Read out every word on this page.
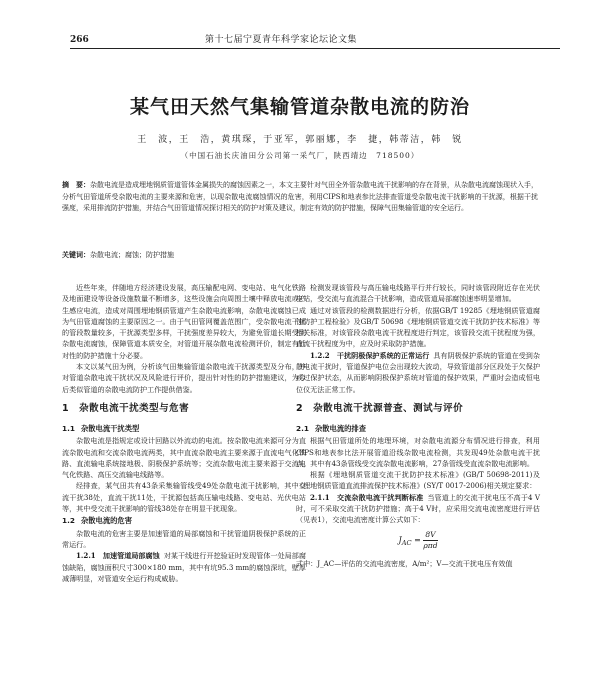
266	第十七届宁夏青年科学家论坛论文集
某气田天然气集输管道杂散电流的防治
王　波，王　浩，黄琪琛，于亚军，郭丽娜，李　捷，韩蒂洁，韩　锐
（中国石油长庆油田分公司第一采气厂，陕西靖边　718500）
摘　要：杂散电流是造成埋地钢质管道管体金属损失的腐蚀因素之一，本文主要针对气田全外管杂散电流干扰影响的存在背景，从杂散电流腐蚀现状入手，分析气田管道所受杂散电流的主要来源和危害，以现杂散电流腐蚀情况的危害，利用CIPS和地表参比法排查管道受杂散电流干扰影响的干扰源，根据干扰强度，采用排流防护措施，并结合气田管道情况探讨相关的防护对策及建议，制定有效的防护措施，保障气田集输管道的安全运行。
关键词：杂散电流；腐蚀；防护措施

近些年来，伴随地方经济建设发展，高压输配电网、变电站、电气化铁路及地面建设等设备设施数量不断增多，这些设施会向周围土壤中释放电流或产生感应电流，造成对周围埋地钢质管道产生杂散电流影响，杂散电流腐蚀已成为气田管道腐蚀的主要原因之一。由于气田管网覆盖范围广，受杂散电流干扰的管段数量较多，干扰源类型多样，干扰强度差异较大，为避免管道长期受到杂散电流腐蚀，保障管道本质安全，对管道开展杂散电流检测评价，制定有针对性的防护措施十分必要。

本文以某气田为例，分析该气田集输管道杂散电流干扰源类型及分布，并对管道杂散电流干扰状况及风险进行评价，提出针对性的防护措施建议，为今后类似管道的杂散电流防护工作提供借鉴。

1 杂散电流干扰类型与危害
1.1 杂散电流干扰类型

杂散电流是指规定或设计回路以外流动的电流。按杂散电流来源可分为直流杂散电流和交流杂散电流两类，其中直流杂散电流主要来源于直流电气化铁路、直流输电系统接地极、阴极保护系统等；交流杂散电流主要来源于交流电气化铁路、高压交流输电线路等。

经排查，某气田共有43条采集输管线受49处杂散电流干扰影响，其中交流干扰38处，直流干扰11处，干扰源包括高压输电线路、变电站、光伏电站等，其中受交流干扰影响的管线38处存在明显干扰现象。

1.2 杂散电流的危害

杂散电流的危害主要是加速管道的局部腐蚀和干扰管道阴极保护系统的正常运行。

1.2.1　加速管道局部腐蚀 对某干线进行开挖验证时发现管体一处局部腐蚀缺陷，腐蚀面积尺寸300×180 mm，其中有坑95.3 mm的腐蚀深坑，壁厚减薄明显，对管道安全运行构成威胁。

检测发现该管段与高压输电线路平行并行较长，同时该管段附近存在光伏电站，受交流与直流混合干扰影响，造成管道局部腐蚀速率明显增加。

通过对该管段的检测数据进行分析，依据GB/T 19285《埋地钢质管道腐蚀防护工程检验》及GB/T 50698《埋地钢质管道交流干扰防护技术标准》等相关标准，对该管段杂散电流干扰程度进行判定，该管段交流干扰程度为强，直流干扰程度为中，应及时采取防护措施。

1.2.2　干扰阴极保护系统的正常运行 具有阴极保护系统的管道在受到杂散电流干扰时，管道保护电位会出现较大波动，导致管道部分区段处于欠保护或过保护状态，从而影响阴极保护系统对管道的保护效果，严重时会造成恒电位仪无法正常工作。

2 杂散电流干扰源普查、测试与评价
2.1 杂散电流的排查

根据气田管道所处的地理环境，对杂散电流源分布情况进行排查，利用CIPS和地表参比法开展管道沿线杂散电流检测，共发现49处杂散电流干扰点，其中有43条管线受交流杂散电流影响，27条管线受直流杂散电流影响。

根据《埋地钢质管道交流干扰防护技术标准》(GB/T 50698-2011)及《埋地钢质管道直流排流保护技术标准》(SY/T 0017-2006)相关规定要求：

2.1.1　交流杂散电流干扰判断标准 当管道上的交流干扰电压不高于4 V时，可不采取交流干扰防护措施；高于4 V时，应采用交流电流密度进行评估（见表1），交流电流密度计算公式如下：

$J_{AC} = \frac{8V}{\text{ρπd}}$

式中：J_AC—评估的交流电流密度，A/m²；V—交流干扰电压有效值
